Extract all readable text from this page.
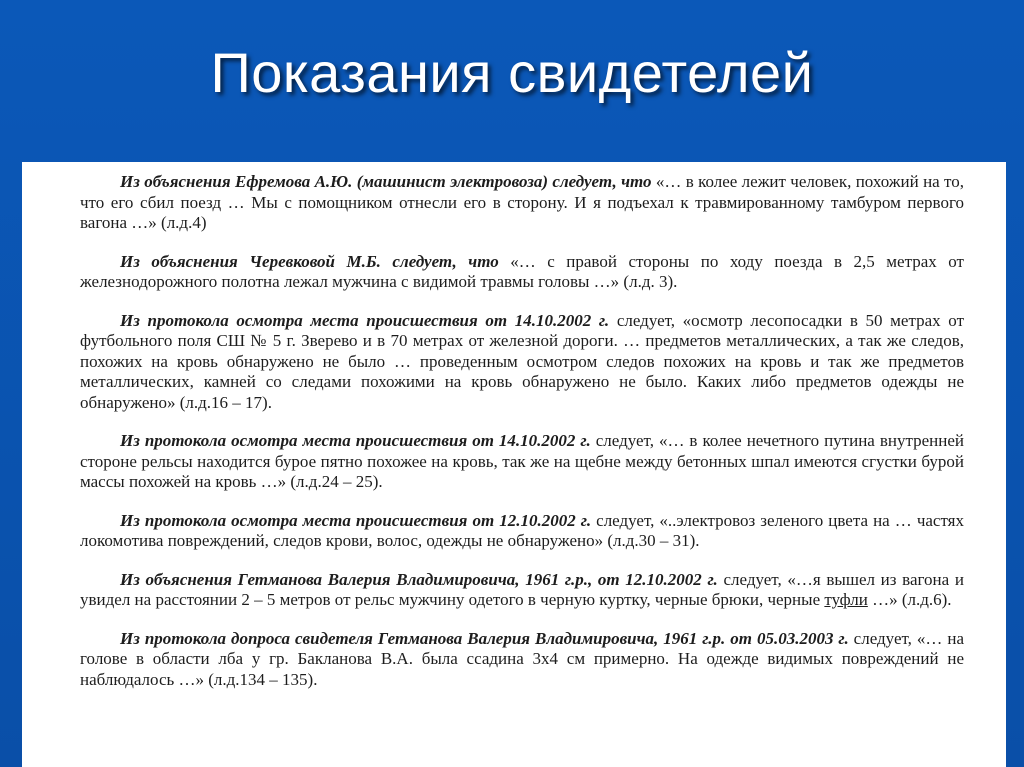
Показания свидетелей

Из объяснения Ефремова А.Ю. (машинист электровоза) следует, что «… в колее лежит человек, похожий на то, что его сбил поезд … Мы с помощником отнесли его в сторону. И я подъехал к травмированному тамбуром первого вагона …» (л.д.4)

Из объяснения Черевковой М.Б. следует, что «… с правой стороны по ходу поезда в 2,5 метрах от железнодорожного полотна лежал мужчина с видимой травмы головы …» (л.д. 3).

Из протокола осмотра места происшествия от 14.10.2002 г. следует, «осмотр лесопосадки в 50 метрах от футбольного поля СШ № 5 г. Зверево и в 70 метрах от железной дороги. … предметов металлических, а так же следов, похожих на кровь обнаружено не было … проведенным осмотром следов похожих на кровь и так же предметов металлических, камней со следами похожими на кровь обнаружено не было. Каких либо предметов одежды не обнаружено» (л.д.16 – 17).

Из протокола осмотра места происшествия от 14.10.2002 г. следует, «… в колее нечетного путина внутренней стороне рельсы находится бурое пятно похожее на кровь, так же на щебне между бетонных шпал имеются сгустки бурой массы похожей на кровь …» (л.д.24 – 25).

Из протокола осмотра места происшествия от 12.10.2002 г. следует, «..электровоз зеленого цвета на … частях локомотива повреждений, следов крови, волос, одежды не обнаружено» (л.д.30 – 31).

Из объяснения Гетманова Валерия Владимировича, 1961 г.р., от 12.10.2002 г. следует, «…я вышел из вагона и увидел на расстоянии 2 – 5 метров от рельс мужчину одетого в черную куртку, черные брюки, черные туфли …» (л.д.6).

Из протокола допроса свидетеля Гетманова Валерия Владимировича, 1961 г.р. от 05.03.2003 г. следует, «… на голове в области лба у гр. Бакланова В.А. была ссадина 3х4 см примерно. На одежде видимых повреждений не наблюдалось …» (л.д.134 – 135).
